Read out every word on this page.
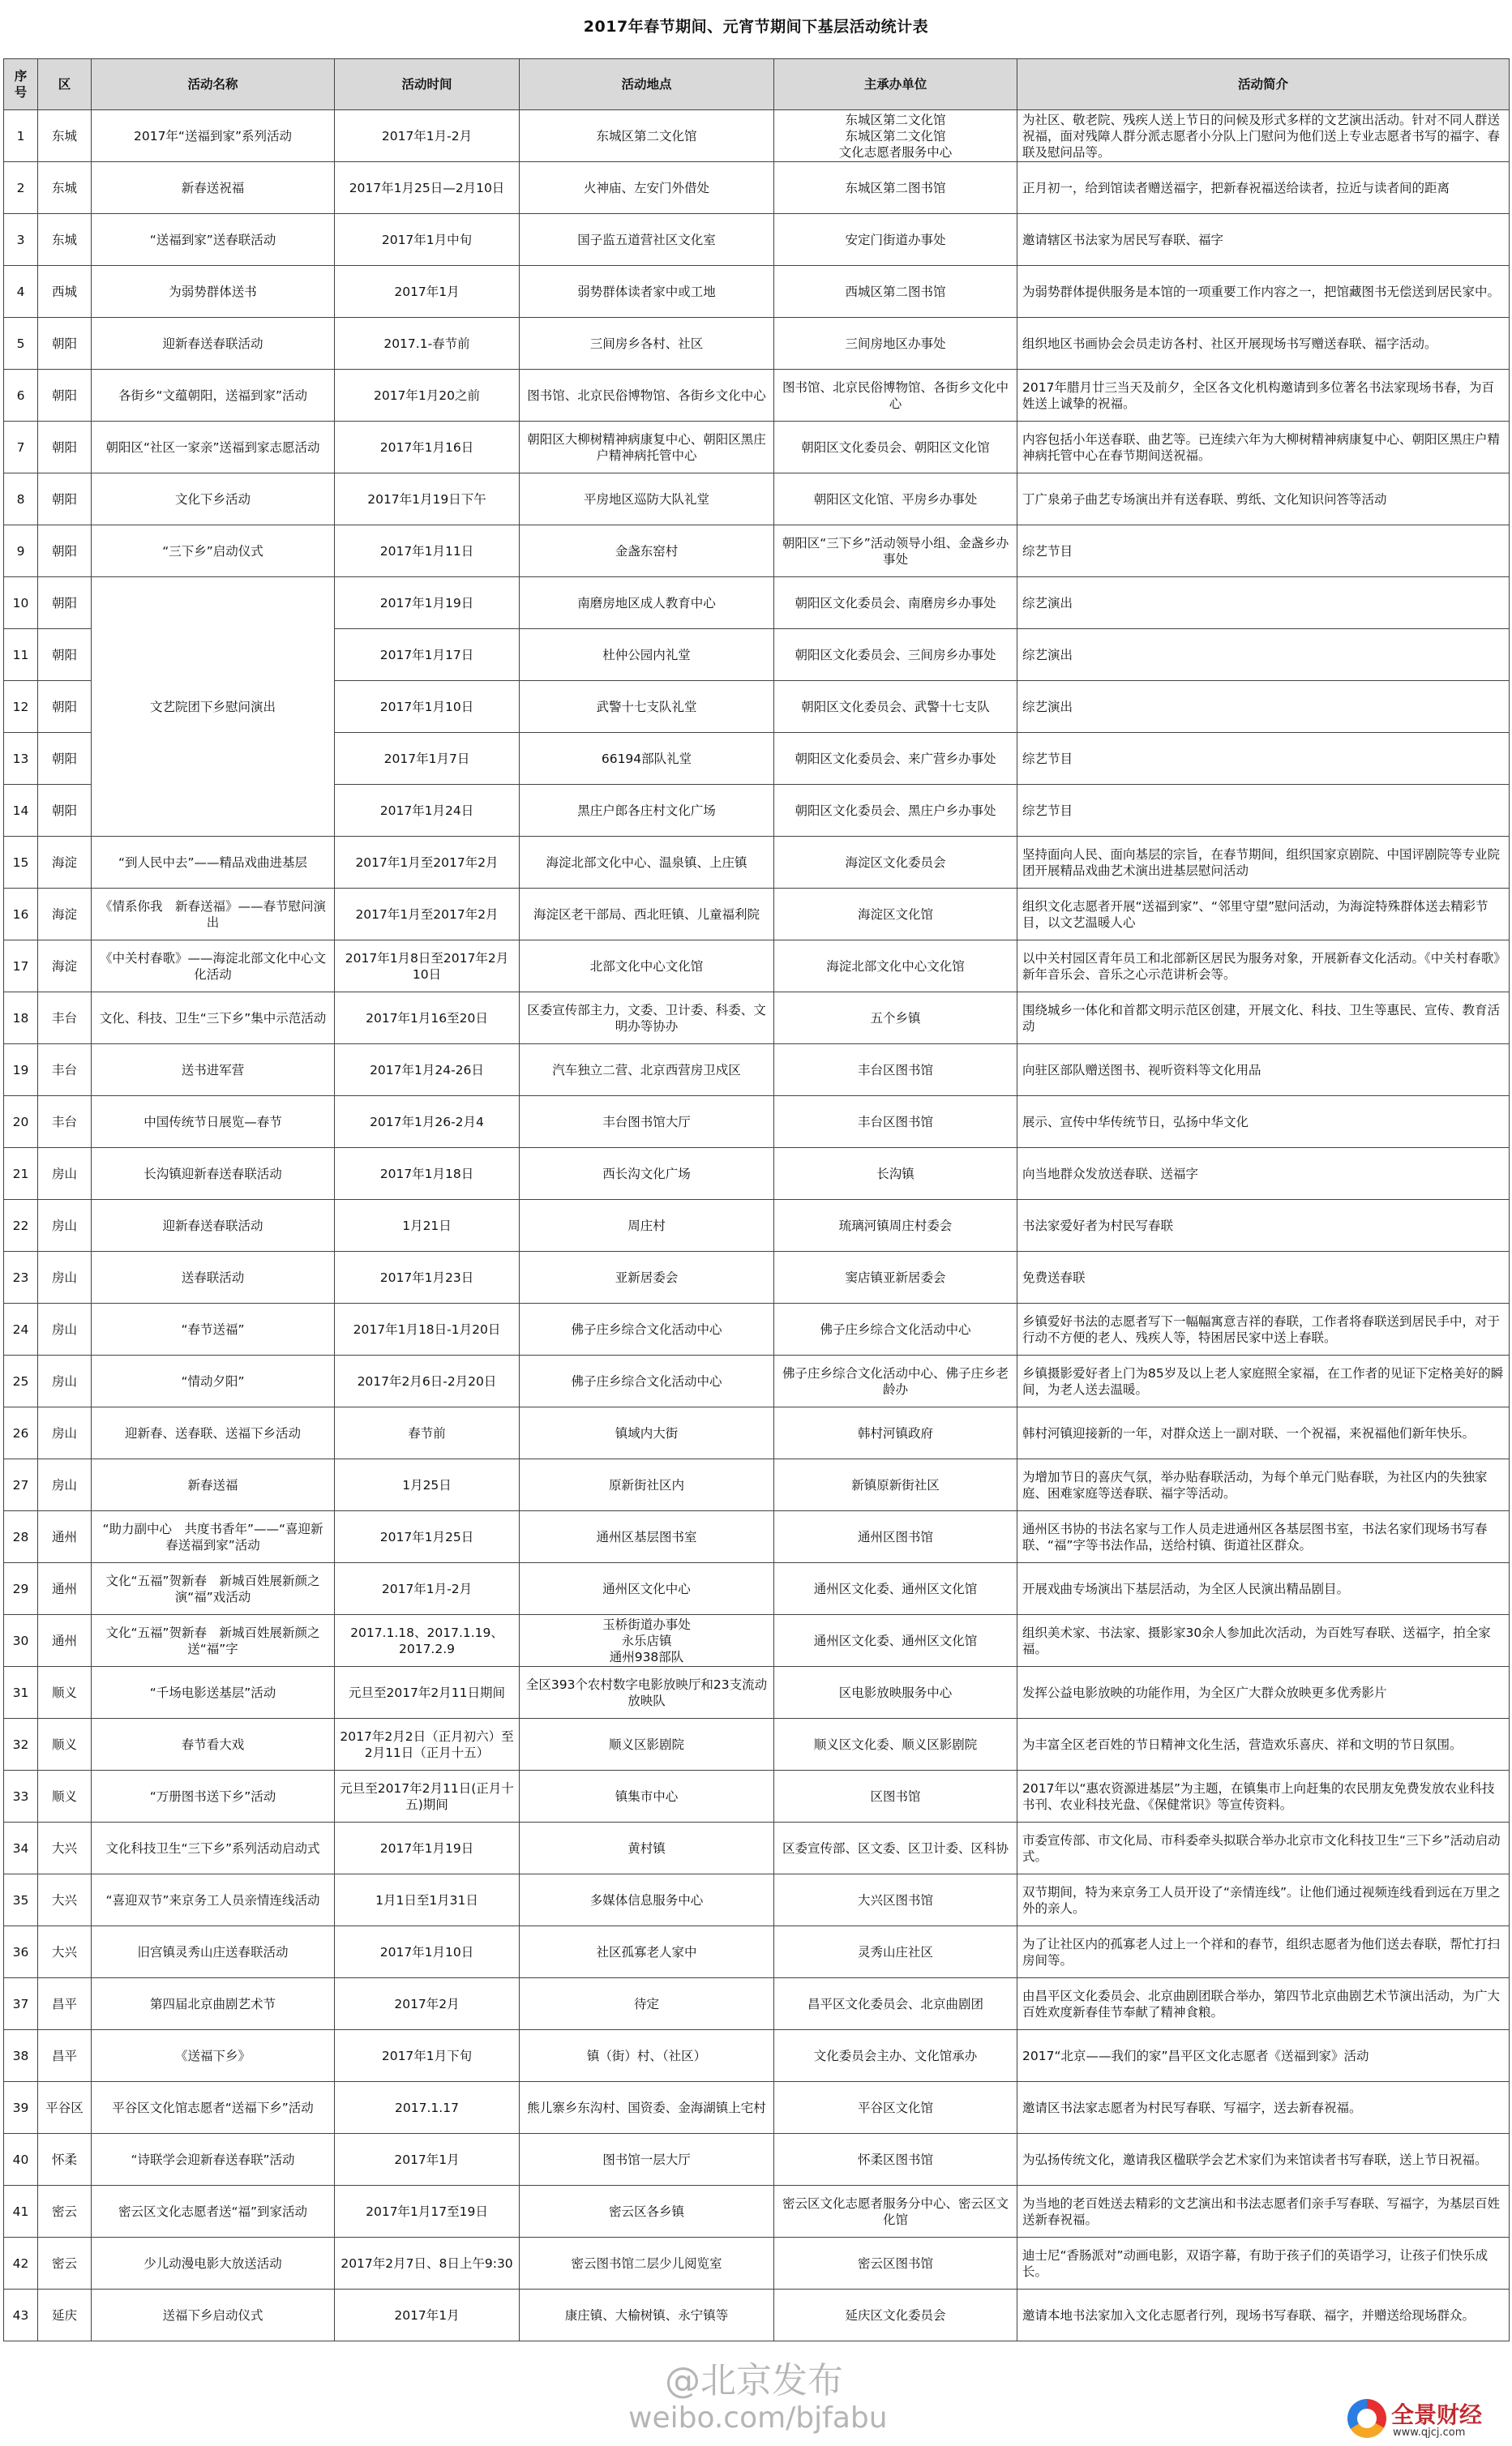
2017年春节期间、元宵节期间下基层活动统计表
序号	区	活动名称	活动时间	活动地点	主承办单位	活动简介
1	东城	2017年“送福到家”系列活动	2017年1月-2月	东城区第二文化馆	东城区第二文化馆
东城区第二文化馆
文化志愿者服务中心	为社区、敬老院、残疾人送上节日的问候及形式多样的文艺演出活动。针对不同人群送祝福，面对残障人群分派志愿者小分队上门慰问为他们送上专业志愿者书写的福字、春联及慰问品等。
2	东城	新春送祝福	2017年1月25日—2月10日	火神庙、左安门外借处	东城区第二图书馆	正月初一，给到馆读者赠送福字，把新春祝福送给读者，拉近与读者间的距离
3	东城	“送福到家”送春联活动	2017年1月中旬	国子监五道营社区文化室	安定门街道办事处	邀请辖区书法家为居民写春联、福字
4	西城	为弱势群体送书	2017年1月	弱势群体读者家中或工地	西城区第二图书馆	为弱势群体提供服务是本馆的一项重要工作内容之一，把馆藏图书无偿送到居民家中。
5	朝阳	迎新春送春联活动	2017.1-春节前	三间房乡各村、社区	三间房地区办事处	组织地区书画协会会员走访各村、社区开展现场书写赠送春联、福字活动。
6	朝阳	各街乡“文蕴朝阳，送福到家”活动	2017年1月20之前	图书馆、北京民俗博物馆、各街乡文化中心	图书馆、北京民俗博物馆、各街乡文化中心	2017年腊月廿三当天及前夕，全区各文化机构邀请到多位著名书法家现场书春，为百姓送上诚挚的祝福。
7	朝阳	朝阳区“社区一家亲”送福到家志愿活动	2017年1月16日	朝阳区大柳树精神病康复中心、朝阳区黑庄户精神病托管中心	朝阳区文化委员会、朝阳区文化馆	内容包括小年送春联、曲艺等。已连续六年为大柳树精神病康复中心、朝阳区黑庄户精神病托管中心在春节期间送祝福。
8	朝阳	文化下乡活动	2017年1月19日下午	平房地区巡防大队礼堂	朝阳区文化馆、平房乡办事处	丁广泉弟子曲艺专场演出并有送春联、剪纸、文化知识问答等活动
9	朝阳	“三下乡”启动仪式	2017年1月11日	金盏东窑村	朝阳区“三下乡”活动领导小组、金盏乡办事处	综艺节目
10	朝阳	文艺院团下乡慰问演出	2017年1月19日	南磨房地区成人教育中心	朝阳区文化委员会、南磨房乡办事处	综艺演出
11	朝阳		2017年1月17日	杜仲公园内礼堂	朝阳区文化委员会、三间房乡办事处	综艺演出
12	朝阳		2017年1月10日	武警十七支队礼堂	朝阳区文化委员会、武警十七支队	综艺演出
13	朝阳		2017年1月7日	66194部队礼堂	朝阳区文化委员会、来广营乡办事处	综艺节目
14	朝阳		2017年1月24日	黑庄户郎各庄村文化广场	朝阳区文化委员会、黑庄户乡办事处	综艺节目
15	海淀	“到人民中去”——精品戏曲进基层	2017年1月至2017年2月	海淀北部文化中心、温泉镇、上庄镇	海淀区文化委员会	坚持面向人民、面向基层的宗旨，在春节期间，组织国家京剧院、中国评剧院等专业院团开展精品戏曲艺术演出进基层慰问活动
16	海淀	《情系你我　新春送福》——春节慰问演出	2017年1月至2017年2月	海淀区老干部局、西北旺镇、儿童福利院	海淀区文化馆	组织文化志愿者开展“送福到家”、“邻里守望”慰问活动，为海淀特殊群体送去精彩节目，以文艺温暖人心
17	海淀	《中关村春歌》——海淀北部文化中心文化活动	2017年1月8日至2017年2月10日	北部文化中心文化馆	海淀北部文化中心文化馆	以中关村园区青年员工和北部新区居民为服务对象，开展新春文化活动。《中关村春歌》新年音乐会、音乐之心示范讲析会等。
18	丰台	文化、科技、卫生“三下乡”集中示范活动	2017年1月16至20日	区委宣传部主力，文委、卫计委、科委、文明办等协办	五个乡镇	围绕城乡一体化和首都文明示范区创建，开展文化、科技、卫生等惠民、宣传、教育活动
19	丰台	送书进军营	2017年1月24-26日	汽车独立二营、北京西营房卫戍区	丰台区图书馆	向驻区部队赠送图书、视听资料等文化用品
20	丰台	中国传统节日展览—春节	2017年1月26-2月4	丰台图书馆大厅	丰台区图书馆	展示、宣传中华传统节日，弘扬中华文化
21	房山	长沟镇迎新春送春联活动	2017年1月18日	西长沟文化广场	长沟镇	向当地群众发放送春联、送福字
22	房山	迎新春送春联活动	1月21日	周庄村	琉璃河镇周庄村委会	书法家爱好者为村民写春联
23	房山	送春联活动	2017年1月23日	亚新居委会	窦店镇亚新居委会	免费送春联
24	房山	“春节送福”	2017年1月18日-1月20日	佛子庄乡综合文化活动中心	佛子庄乡综合文化活动中心	乡镇爱好书法的志愿者写下一幅幅寓意吉祥的春联，工作者将春联送到居民手中，对于行动不方便的老人、残疾人等，特困居民家中送上春联。
25	房山	“情动夕阳”	2017年2月6日-2月20日	佛子庄乡综合文化活动中心	佛子庄乡综合文化活动中心、佛子庄乡老龄办	乡镇摄影爱好者上门为85岁及以上老人家庭照全家福，在工作者的见证下定格美好的瞬间，为老人送去温暖。
26	房山	迎新春、送春联、送福下乡活动	春节前	镇域内大街	韩村河镇政府	韩村河镇迎接新的一年，对群众送上一副对联、一个祝福，来祝福他们新年快乐。
27	房山	新春送福	1月25日	原新街社区内	新镇原新街社区	为增加节日的喜庆气氛，举办贴春联活动，为每个单元门贴春联，为社区内的失独家庭、困难家庭等送春联、福字等活动。
28	通州	“助力副中心　共度书香年”——“喜迎新春送福到家”活动	2017年1月25日	通州区基层图书室	通州区图书馆	通州区书协的书法名家与工作人员走进通州区各基层图书室，书法名家们现场书写春联、“福”字等书法作品，送给村镇、街道社区群众。
29	通州	文化“五福”贺新春　新城百姓展新颜之演“福”戏活动	2017年1月-2月	通州区文化中心	通州区文化委、通州区文化馆	开展戏曲专场演出下基层活动，为全区人民演出精品剧目。
30	通州	文化“五福”贺新春　新城百姓展新颜之送“福”字	2017.1.18、2017.1.19、2017.2.9	玉桥街道办事处
永乐店镇
通州938部队	通州区文化委、通州区文化馆	组织美术家、书法家、摄影家30余人参加此次活动，为百姓写春联、送福字，拍全家福。
31	顺义	“千场电影送基层”活动	元旦至2017年2月11日期间	全区393个农村数字电影放映厅和23支流动放映队	区电影放映服务中心	发挥公益电影放映的功能作用，为全区广大群众放映更多优秀影片
32	顺义	春节看大戏	2017年2月2日（正月初六）至2月11日（正月十五）	顺义区影剧院	顺义区文化委、顺义区影剧院	为丰富全区老百姓的节日精神文化生活，营造欢乐喜庆、祥和文明的节日氛围。
33	顺义	“万册图书送下乡”活动	元旦至2017年2月11日(正月十五)期间	镇集市中心	区图书馆	2017年以“惠农资源进基层”为主题，在镇集市上向赶集的农民朋友免费发放农业科技书刊、农业科技光盘、《保健常识》等宣传资料。
34	大兴	文化科技卫生“三下乡”系列活动启动式	2017年1月19日	黄村镇	区委宣传部、区文委、区卫计委、区科协	市委宣传部、市文化局、市科委牵头拟联合举办北京市文化科技卫生“三下乡”活动启动式。
35	大兴	“喜迎双节”来京务工人员亲情连线活动	1月1日至1月31日	多媒体信息服务中心	大兴区图书馆	双节期间，特为来京务工人员开设了“亲情连线”。让他们通过视频连线看到远在万里之外的亲人。
36	大兴	旧宫镇灵秀山庄送春联活动	2017年1月10日	社区孤寡老人家中	灵秀山庄社区	为了让社区内的孤寡老人过上一个祥和的春节，组织志愿者为他们送去春联，帮忙打扫房间等。
37	昌平	第四届北京曲剧艺术节	2017年2月	待定	昌平区文化委员会、北京曲剧团	由昌平区文化委员会、北京曲剧团联合举办，第四节北京曲剧艺术节演出活动，为广大百姓欢度新春佳节奉献了精神食粮。
38	昌平	《送福下乡》	2017年1月下旬	镇（街）村、（社区）	文化委员会主办、文化馆承办	2017“北京——我们的家”昌平区文化志愿者《送福到家》活动
39	平谷区	平谷区文化馆志愿者“送福下乡”活动	2017.1.17	熊儿寨乡东沟村、国资委、金海湖镇上宅村	平谷区文化馆	邀请区书法家志愿者为村民写春联、写福字，送去新春祝福。
40	怀柔	“诗联学会迎新春送春联”活动	2017年1月	图书馆一层大厅	怀柔区图书馆	为弘扬传统文化，邀请我区楹联学会艺术家们为来馆读者书写春联，送上节日祝福。
41	密云	密云区文化志愿者送“福”到家活动	2017年1月17至19日	密云区各乡镇	密云区文化志愿者服务分中心、密云区文化馆	为当地的老百姓送去精彩的文艺演出和书法志愿者们亲手写春联、写福字，为基层百姓送新春祝福。
42	密云	少儿动漫电影大放送活动	2017年2月7日、8日上午9:30	密云图书馆二层少儿阅览室	密云区图书馆	迪士尼“香肠派对”动画电影，双语字幕，有助于孩子们的英语学习，让孩子们快乐成长。
43	延庆	送福下乡启动仪式	2017年1月	康庄镇、大榆树镇、永宁镇等	延庆区文化委员会	邀请本地书法家加入文化志愿者行列，现场书写春联、福字，并赠送给现场群众。
@北京发布
weibo.com/bjfabu	全景财经
www.qjcj.com
